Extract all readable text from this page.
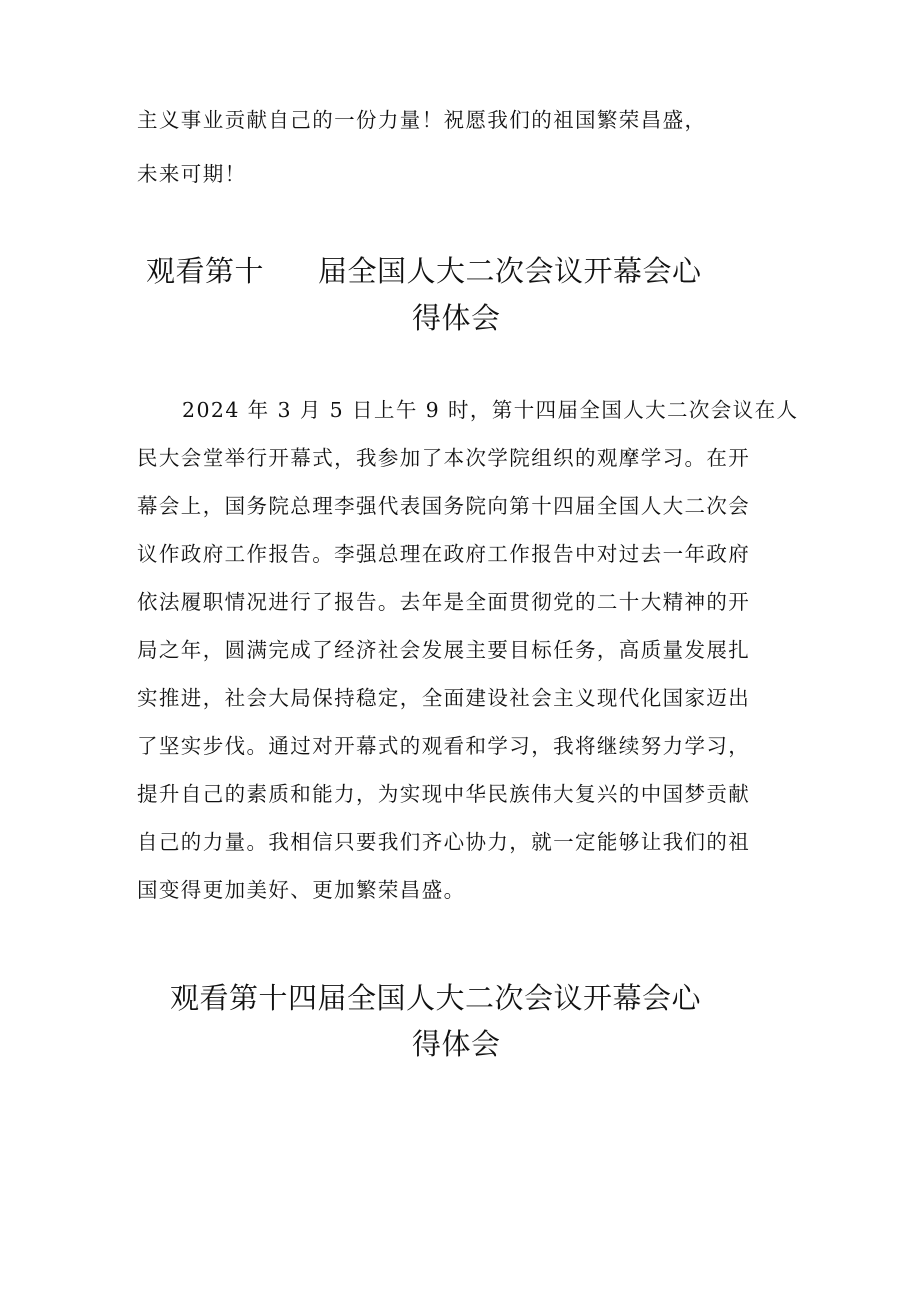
主义事业贡献自己的一份力量！祝愿我们的祖国繁荣昌盛，

未来可期！

观看第十 届全国人大二次会议开幕会心
得体会

2024 年 3 月 5 日上午 9 时，第十四届全国人大二次会议在人

民大会堂举行开幕式，我参加了本次学院组织的观摩学习。在开

幕会上，国务院总理李强代表国务院向第十四届全国人大二次会

议作政府工作报告。李强总理在政府工作报告中对过去一年政府

依法履职情况进行了报告。去年是全面贯彻党的二十大精神的开

局之年，圆满完成了经济社会发展主要目标任务，高质量发展扎

实推进，社会大局保持稳定，全面建设社会主义现代化国家迈出

了坚实步伐。通过对开幕式的观看和学习，我将继续努力学习，

提升自己的素质和能力，为实现中华民族伟大复兴的中国梦贡献

自己的力量。我相信只要我们齐心协力，就一定能够让我们的祖

国变得更加美好、更加繁荣昌盛。

观看第十四届全国人大二次会议开幕会心
得体会
